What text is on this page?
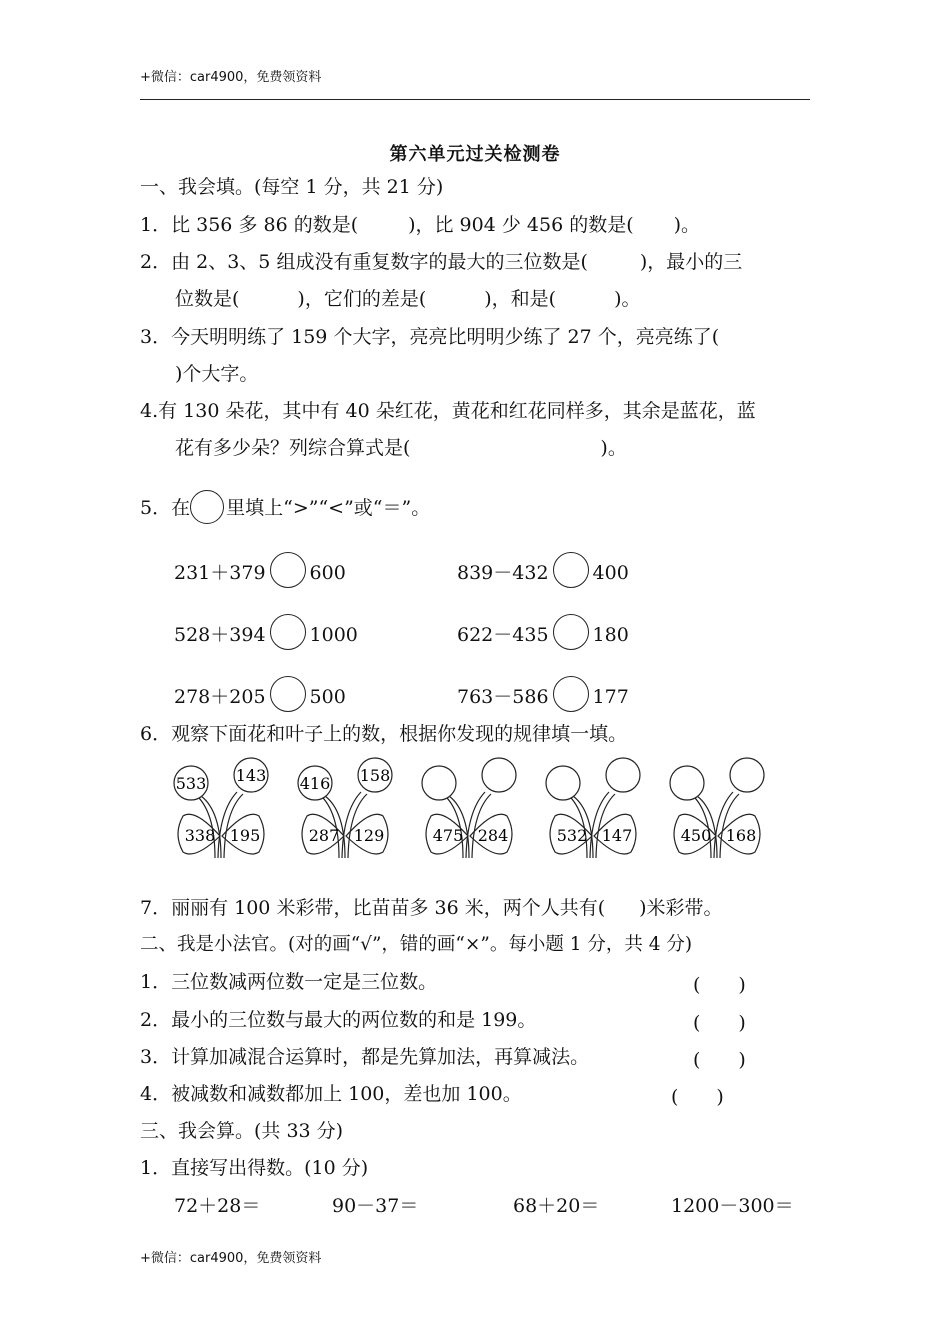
+微信：car4900，免费领资料
第六单元过关检测卷
一、我会填。(每空 1 分，共 21 分)
1．比 356 多 86 的数是(	)，比 904 少 456 的数是( )。
2．由 2、3、5 组成没有重复数字的最大的三位数是(	)，最小的三
位数是(	)，它们的差是(	)，和是(	)。
3．今天明明练了 159 个大字，亮亮比明明少练了 27 个，亮亮练了(
)个大字。
4.有 130 朵花，其中有 40 朵红花，黄花和红花同样多，其余是蓝花，蓝
花有多少朵？列综合算式是(	)。
5．在 里填上“>”“<”或“＝”。
231＋379 600	839－432 400
528＋394 1000	622－435 180
278＋205 500	763－586 177
6．观察下面花和叶子上的数，根据你发现的规律填一填。
533 143
338 195
416 158
287 129	475 284	532 147	450 168
7．丽丽有 100 米彩带，比苗苗多 36 米，两个人共有( )米彩带。
二、我是小法官。(对的画“√”，错的画“×”。每小题 1 分，共 4 分)
1．三位数减两位数一定是三位数。	(　　)
2．最小的三位数与最大的两位数的和是 199。	(　　)
3．计算加减混合运算时，都是先算加法，再算减法。	(　　)
4．被减数和减数都加上 100，差也加 100。	(　　)
三、我会算。(共 33 分)
1．直接写出得数。(10 分)
72＋28＝	90－37＝	68＋20＝	1200－300＝
+微信：car4900，免费领资料
